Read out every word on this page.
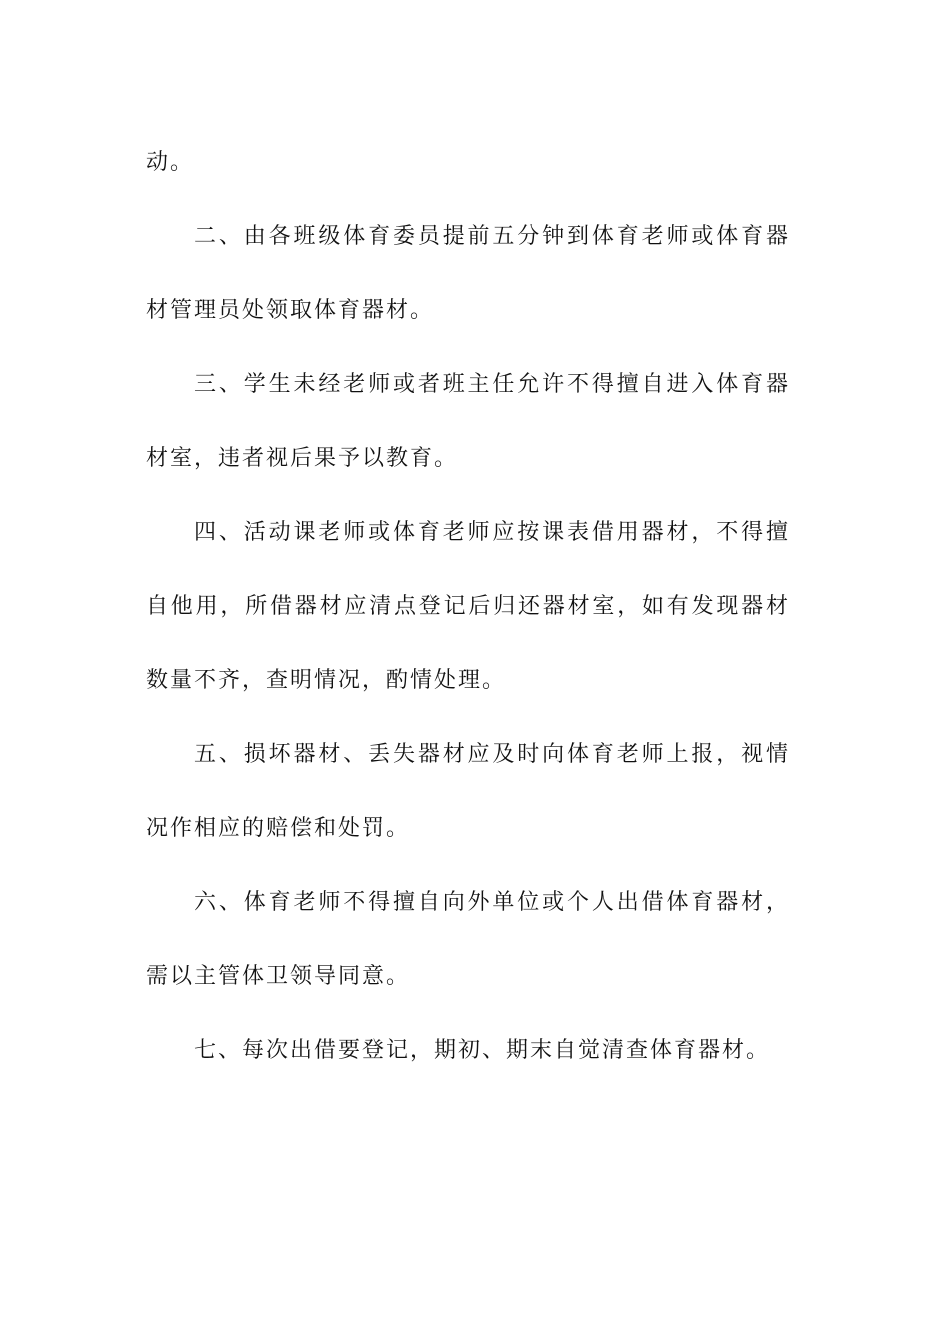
动。

二、由各班级体育委员提前五分钟到体育老师或体育器材管理员处领取体育器材。

三、学生未经老师或者班主任允许不得擅自进入体育器材室，违者视后果予以教育。

四、活动课老师或体育老师应按课表借用器材，不得擅自他用，所借器材应清点登记后归还器材室，如有发现器材数量不齐，查明情况，酌情处理。

五、损坏器材、丢失器材应及时向体育老师上报，视情况作相应的赔偿和处罚。

六、体育老师不得擅自向外单位或个人出借体育器材，需以主管体卫领导同意。

七、每次出借要登记，期初、期末自觉清查体育器材。
